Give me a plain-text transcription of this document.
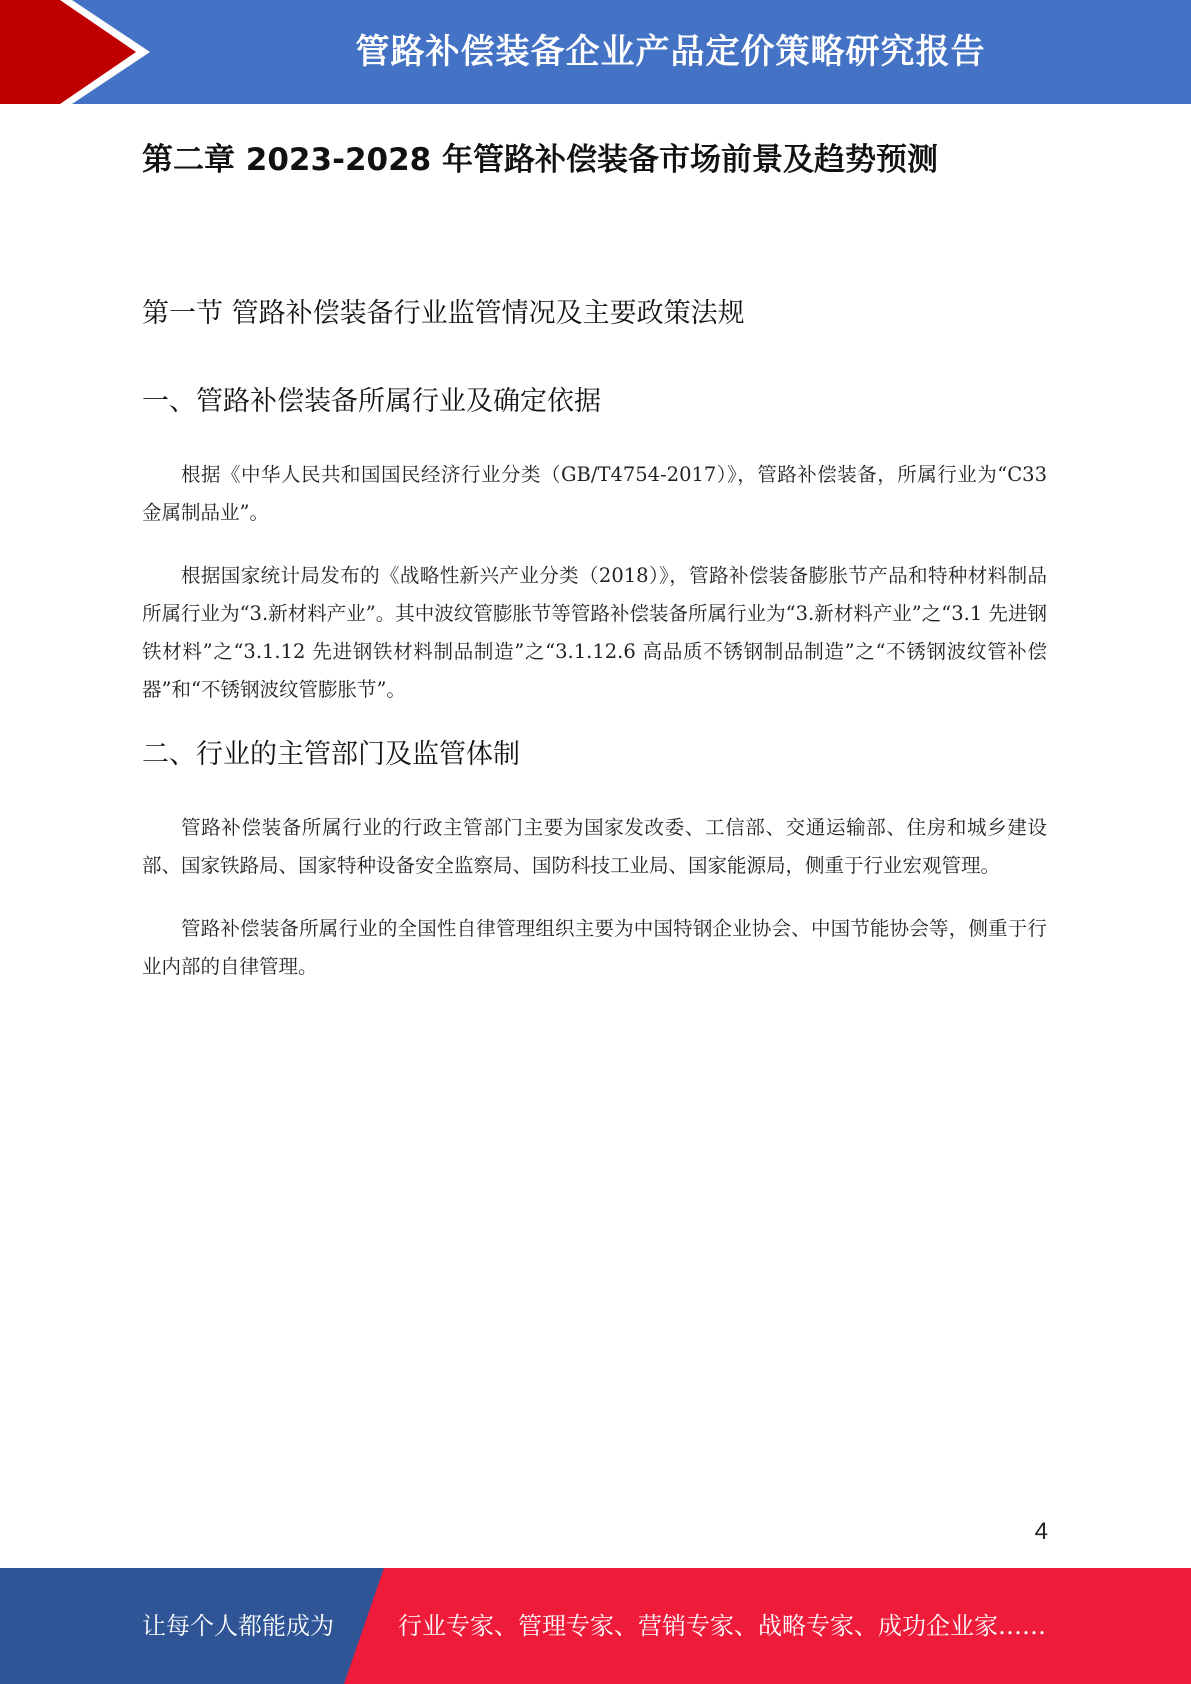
管路补偿装备企业产品定价策略研究报告
第二章 2023-2028 年管路补偿装备市场前景及趋势预测
第一节 管路补偿装备行业监管情况及主要政策法规
一、管路补偿装备所属行业及确定依据

根据《中华人民共和国国民经济行业分类（GB/T4754-2017）》，管路补偿装备，所属行业为“C33 金属制品业”。

根据国家统计局发布的《战略性新兴产业分类（2018）》，管路补偿装备膨胀节产品和特种材料制品所属行业为“3.新材料产业”。其中波纹管膨胀节等管路补偿装备所属行业为“3.新材料产业”之“3.1 先进钢铁材料”之“3.1.12 先进钢铁材料制品制造”之“3.1.12.6 高品质不锈钢制品制造”之“不锈钢波纹管补偿器”和“不锈钢波纹管膨胀节”。

二、行业的主管部门及监管体制

管路补偿装备所属行业的行政主管部门主要为国家发改委、工信部、交通运输部、住房和城乡建设部、国家铁路局、国家特种设备安全监察局、国防科技工业局、国家能源局，侧重于行业宏观管理。

管路补偿装备所属行业的全国性自律管理组织主要为中国特钢企业协会、中国节能协会等，侧重于行业内部的自律管理。

4
让每个人都能成为	行业专家、管理专家、营销专家、战略专家、成功企业家……
